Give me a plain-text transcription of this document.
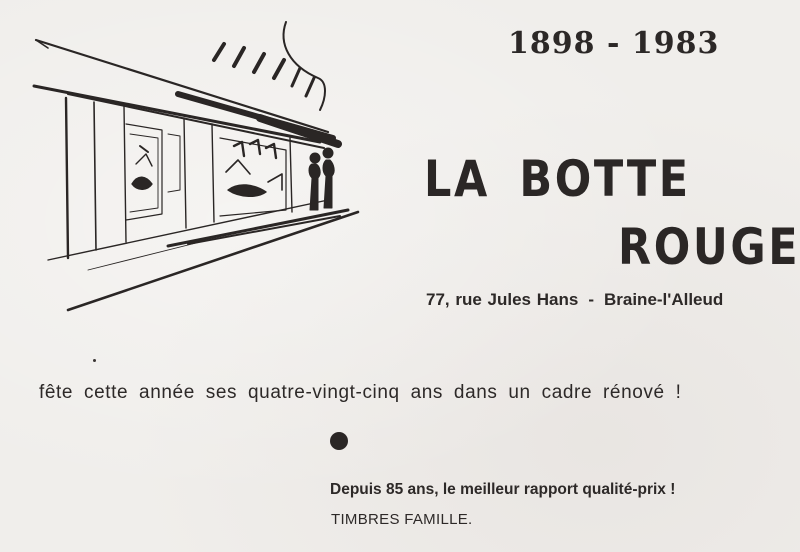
1898 - 1983
LA BOTTE
ROUGE
77, rue Jules Hans - Braine-l'Alleud
fête cette année ses quatre-vingt-cinq ans dans un cadre rénové !
Depuis 85 ans, le meilleur rapport qualité-prix !
TIMBRES FAMILLE.
